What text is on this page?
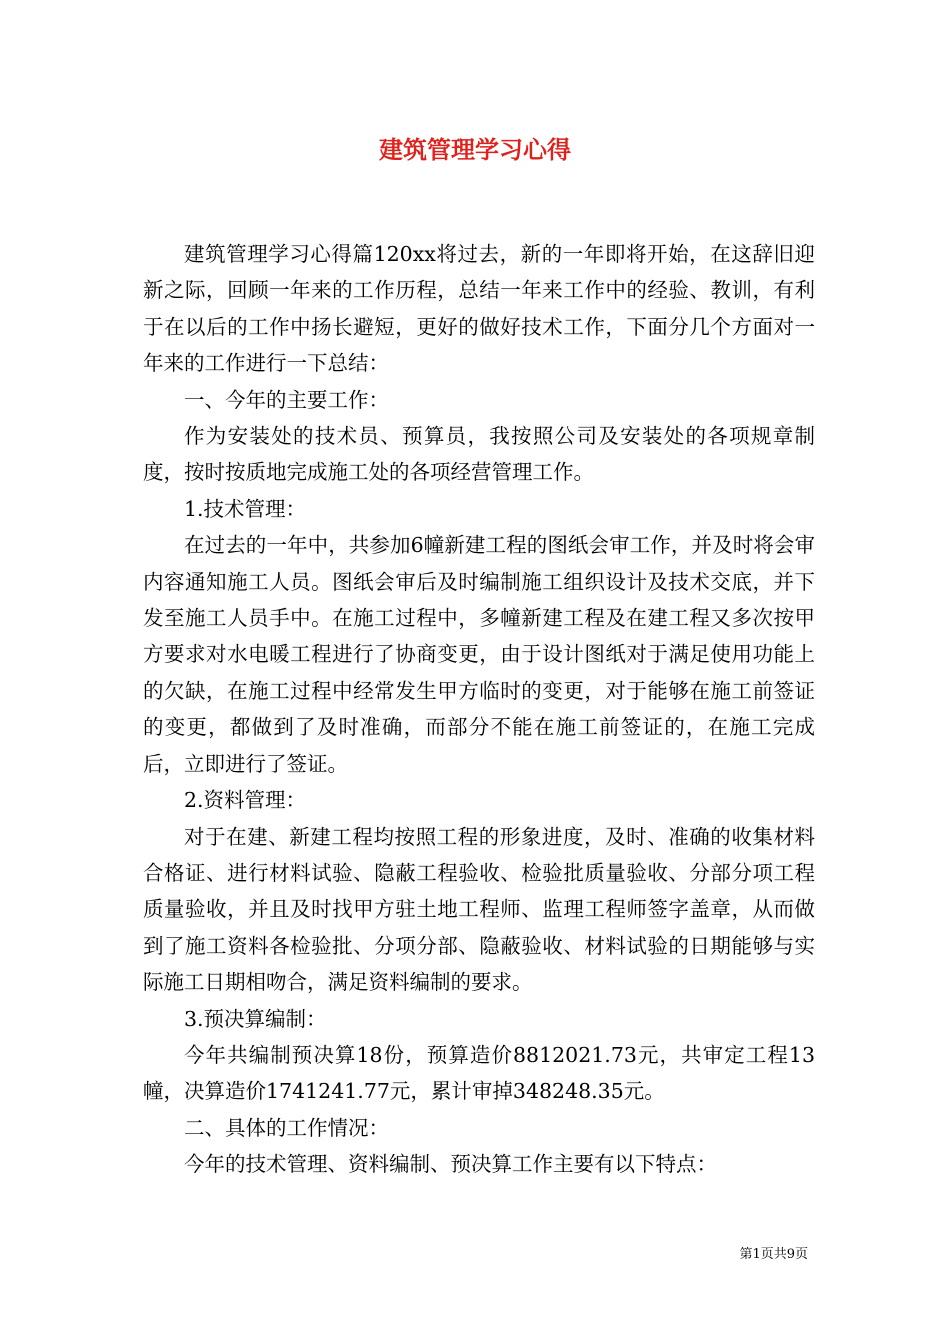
建筑管理学习心得

建筑管理学习心得篇120xx将过去，新的一年即将开始，在这辞旧迎新之际，回顾一年来的工作历程，总结一年来工作中的经验、教训，有利于在以后的工作中扬长避短，更好的做好技术工作，下面分几个方面对一年来的工作进行一下总结：

一、今年的主要工作：

作为安装处的技术员、预算员，我按照公司及安装处的各项规章制度，按时按质地完成施工处的各项经营管理工作。

1.技术管理：

在过去的一年中，共参加6幢新建工程的图纸会审工作，并及时将会审内容通知施工人员。图纸会审后及时编制施工组织设计及技术交底，并下发至施工人员手中。在施工过程中，多幢新建工程及在建工程又多次按甲方要求对水电暖工程进行了协商变更，由于设计图纸对于满足使用功能上的欠缺，在施工过程中经常发生甲方临时的变更，对于能够在施工前签证的变更，都做到了及时准确，而部分不能在施工前签证的，在施工完成后，立即进行了签证。

2.资料管理：

对于在建、新建工程均按照工程的形象进度，及时、准确的收集材料合格证、进行材料试验、隐蔽工程验收、检验批质量验收、分部分项工程质量验收，并且及时找甲方驻土地工程师、监理工程师签字盖章，从而做到了施工资料各检验批、分项分部、隐蔽验收、材料试验的日期能够与实际施工日期相吻合，满足资料编制的要求。

3.预决算编制：

今年共编制预决算18份，预算造价8812021.73元，共审定工程13幢，决算造价1741241.77元，累计审掉348248.35元。

二、具体的工作情况：

今年的技术管理、资料编制、预决算工作主要有以下特点：

第1页共9页
